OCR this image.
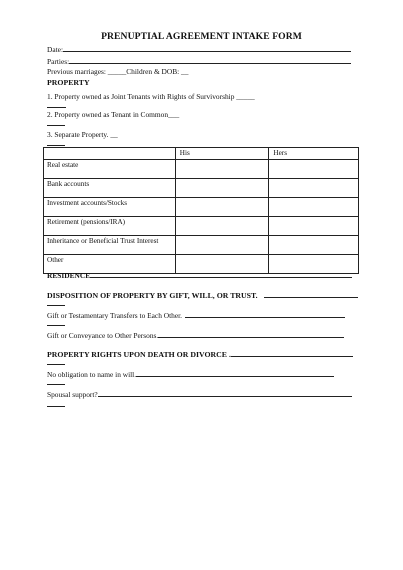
PRENUPTIAL AGREEMENT INTAKE FORM
Date:
Parties:
Previous marriages: _____Children & DOB: __
PROPERTY
1. Property owned as Joint Tenants with Rights of Survivorship _____
2. Property owned as Tenant in Common___
3. Separate Property. __
	His	Hers
Real estate		
Bank accounts		
Investment accounts/Stocks		
Retirement (pensions/IRA)		
Inheritance or Beneficial Trust Interest		
Other		
RESIDENCE
DISPOSITION OF PROPERTY BY GIFT, WILL, OR TRUST.
Gift or Testamentary Transfers to Each Other.
Gift or Conveyance to Other Persons.
PROPERTY RIGHTS UPON DEATH OR DIVORCE .
No obligation to name in will.
Spousal support?
